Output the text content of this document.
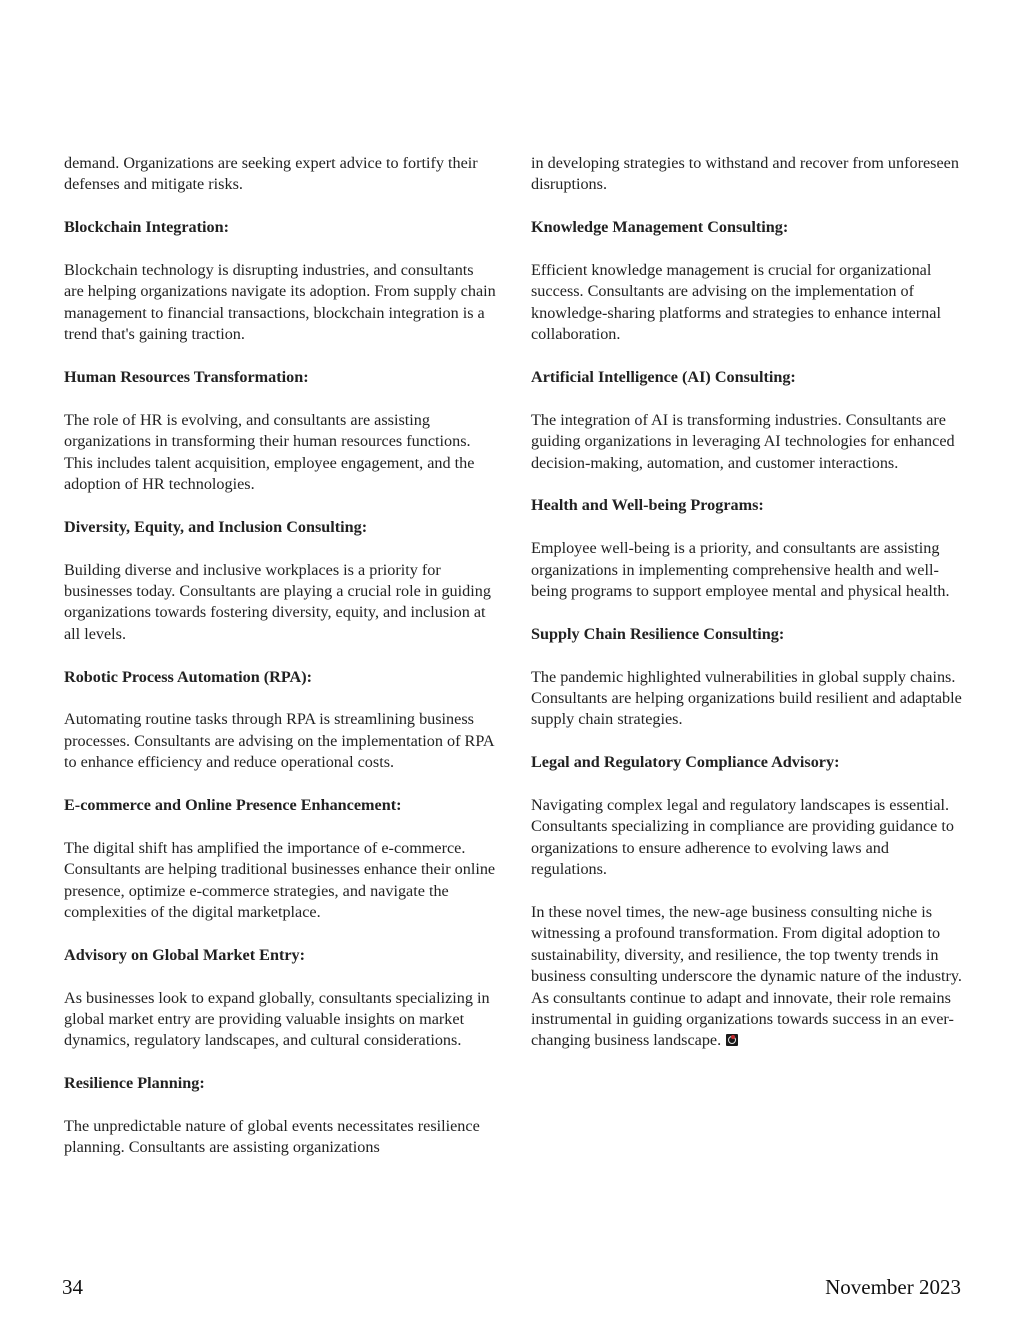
demand. Organizations are seeking expert advice to fortify their defenses and mitigate risks.

Blockchain Integration:

Blockchain technology is disrupting industries, and consultants are helping organizations navigate its adoption. From supply chain management to financial transactions, blockchain integration is a trend that's gaining traction.

Human Resources Transformation:

The role of HR is evolving, and consultants are assisting organizations in transforming their human resources functions. This includes talent acquisition, employee engagement, and the adoption of HR technologies.

Diversity, Equity, and Inclusion Consulting:

Building diverse and inclusive workplaces is a priority for businesses today. Consultants are playing a crucial role in guiding organizations towards fostering diversity, equity, and inclusion at all levels.

Robotic Process Automation (RPA):

Automating routine tasks through RPA is streamlining business processes. Consultants are advising on the implementation of RPA to enhance efficiency and reduce operational costs.

E-commerce and Online Presence Enhancement:

The digital shift has amplified the importance of e-commerce. Consultants are helping traditional businesses enhance their online presence, optimize e-commerce strategies, and navigate the complexities of the digital marketplace.

Advisory on Global Market Entry:

As businesses look to expand globally, consultants specializing in global market entry are providing valuable insights on market dynamics, regulatory landscapes, and cultural considerations.

Resilience Planning:

The unpredictable nature of global events necessitates resilience planning. Consultants are assisting organizations

in developing strategies to withstand and recover from unforeseen disruptions.

Knowledge Management Consulting:

Efficient knowledge management is crucial for organizational success. Consultants are advising on the implementation of knowledge-sharing platforms and strategies to enhance internal collaboration.

Artificial Intelligence (AI) Consulting:

The integration of AI is transforming industries. Consultants are guiding organizations in leveraging AI technologies for enhanced decision-making, automation, and customer interactions.

Health and Well-being Programs:

Employee well-being is a priority, and consultants are assisting organizations in implementing comprehensive health and well-being programs to support employee mental and physical health.

Supply Chain Resilience Consulting:

The pandemic highlighted vulnerabilities in global supply chains. Consultants are helping organizations build resilient and adaptable supply chain strategies.

Legal and Regulatory Compliance Advisory:

Navigating complex legal and regulatory landscapes is essential. Consultants specializing in compliance are providing guidance to organizations to ensure adherence to evolving laws and regulations.

In these novel times, the new-age business consulting niche is witnessing a profound transformation. From digital adoption to sustainability, diversity, and resilience, the top twenty trends in business consulting underscore the dynamic nature of the industry. As consultants continue to adapt and innovate, their role remains instrumental in guiding organizations towards success in an ever-changing business landscape.

34	November 2023
